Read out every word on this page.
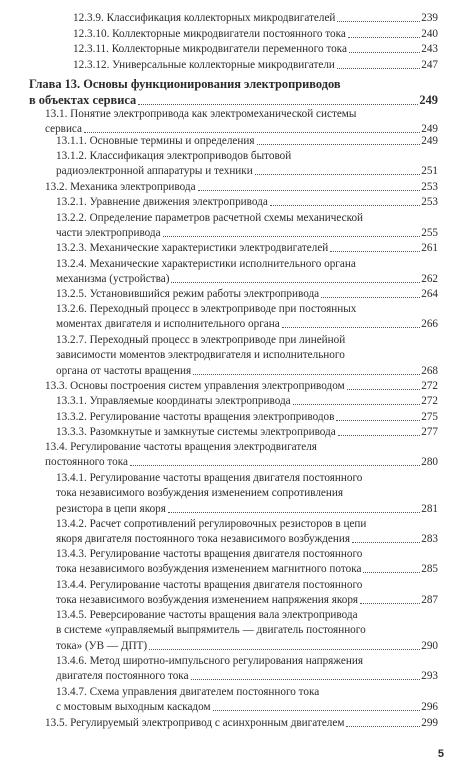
12.3.9. Классификация коллекторных микродвигателей	239
12.3.10. Коллекторные микродвигатели постоянного тока	240
12.3.11. Коллекторные микродвигатели переменного тока	243
12.3.12. Универсальные коллекторные микродвигатели	247
Глава 13. Основы функционирования электроприводов
в объектах сервиса	249
13.1. Понятие электропривода как электромеханической системы
сервиса	249
13.1.1. Основные термины и определения	249
13.1.2. Классификация электроприводов бытовой
радиоэлектронной аппаратуры и техники	251
13.2. Механика электропривода	253
13.2.1. Уравнение движения электропривода	253
13.2.2. Определение параметров расчетной схемы механической
части электропривода	255
13.2.3. Механические характеристики электродвигателей	261
13.2.4. Механические характеристики исполнительного органа
механизма (устройства)	262
13.2.5. Установившийся режим работы электропривода	264
13.2.6. Переходный процесс в электроприводе при постоянных
моментах двигателя и исполнительного органа	266
13.2.7. Переходный процесс в электроприводе при линейной
зависимости моментов электродвигателя и исполнительного
органа от частоты вращения	268
13.3. Основы построения систем управления электроприводом	272
13.3.1. Управляемые координаты электропривода	272
13.3.2. Регулирование частоты вращения электроприводов	275
13.3.3. Разомкнутые и замкнутые системы электропривода	277
13.4. Регулирование частоты вращения электродвигателя
постоянного тока	280
13.4.1. Регулирование частоты вращения двигателя постоянного
тока независимого возбуждения изменением сопротивления
резистора в цепи якоря	281
13.4.2. Расчет сопротивлений регулировочных резисторов в цепи
якоря двигателя постоянного тока независимого возбуждения	283
13.4.3. Регулирование частоты вращения двигателя постоянного
тока независимого возбуждения изменением магнитного потока	285
13.4.4. Регулирование частоты вращения двигателя постоянного
тока независимого возбуждения изменением напряжения якоря	287
13.4.5. Реверсирование частоты вращения вала электропривода
в системе «управляемый выпрямитель — двигатель постоянного
тока» (УВ — ДПТ)	290
13.4.6. Метод широтно-импульсного регулирования напряжения
двигателя постоянного тока	293
13.4.7. Схема управления двигателем постоянного тока
с мостовым выходным каскадом	296
13.5. Регулируемый электропривод с асинхронным двигателем	299
5
